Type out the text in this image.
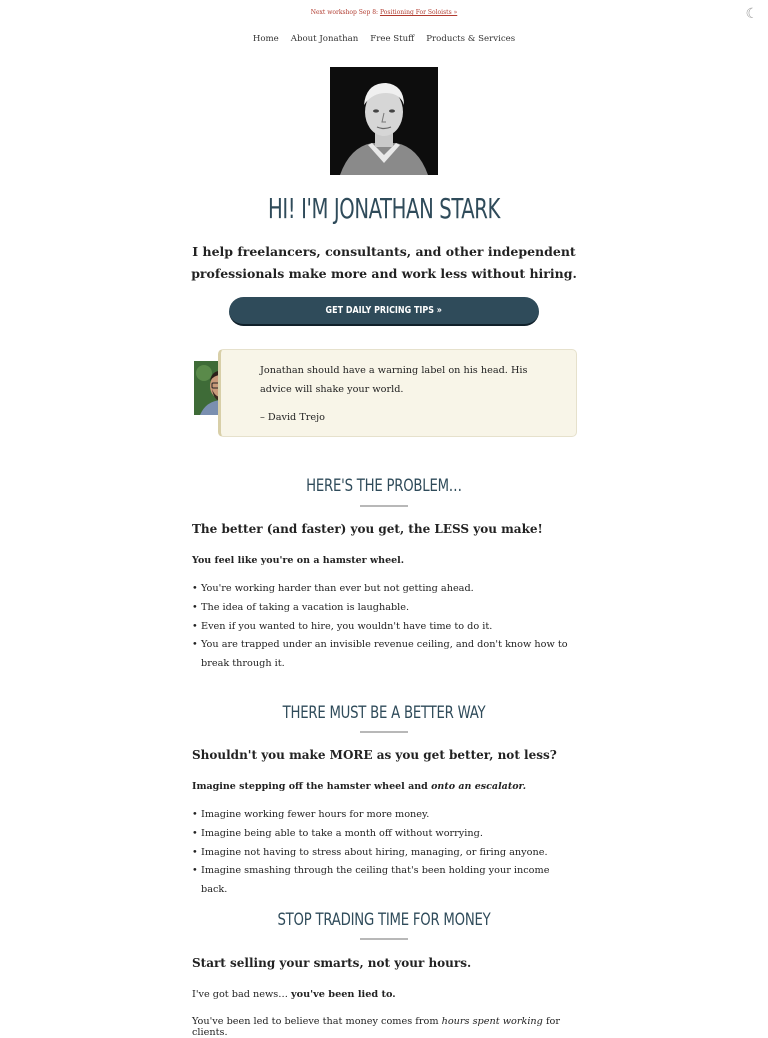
Next workshop Sep 8: Positioning For Soloists »	☾
Home About Jonathan Free Stuff Products & Services
HI! I'M JONATHAN STARK

I help freelancers, consultants, and other independent professionals make more and work less without hiring.

GET DAILY PRICING TIPS »
Jonathan should have a warning label on his head. His advice will shake your world.
– David Trejo
HERE'S THE PROBLEM…
The better (and faster) you get, the LESS you make!
You feel like you're on a hamster wheel.
• You're working harder than ever but not getting ahead.
• The idea of taking a vacation is laughable.
• Even if you wanted to hire, you wouldn't have time to do it.
• You are trapped under an invisible revenue ceiling, and don't know how to break through it.
THERE MUST BE A BETTER WAY
Shouldn't you make MORE as you get better, not less?
Imagine stepping off the hamster wheel and onto an escalator.
• Imagine working fewer hours for more money.
• Imagine being able to take a month off without worrying.
• Imagine not having to stress about hiring, managing, or firing anyone.
• Imagine smashing through the ceiling that's been holding your income back.
STOP TRADING TIME FOR MONEY
Start selling your smarts, not your hours.
I've got bad news… you've been lied to.
You've been led to believe that money comes from hours spent working for clients.
